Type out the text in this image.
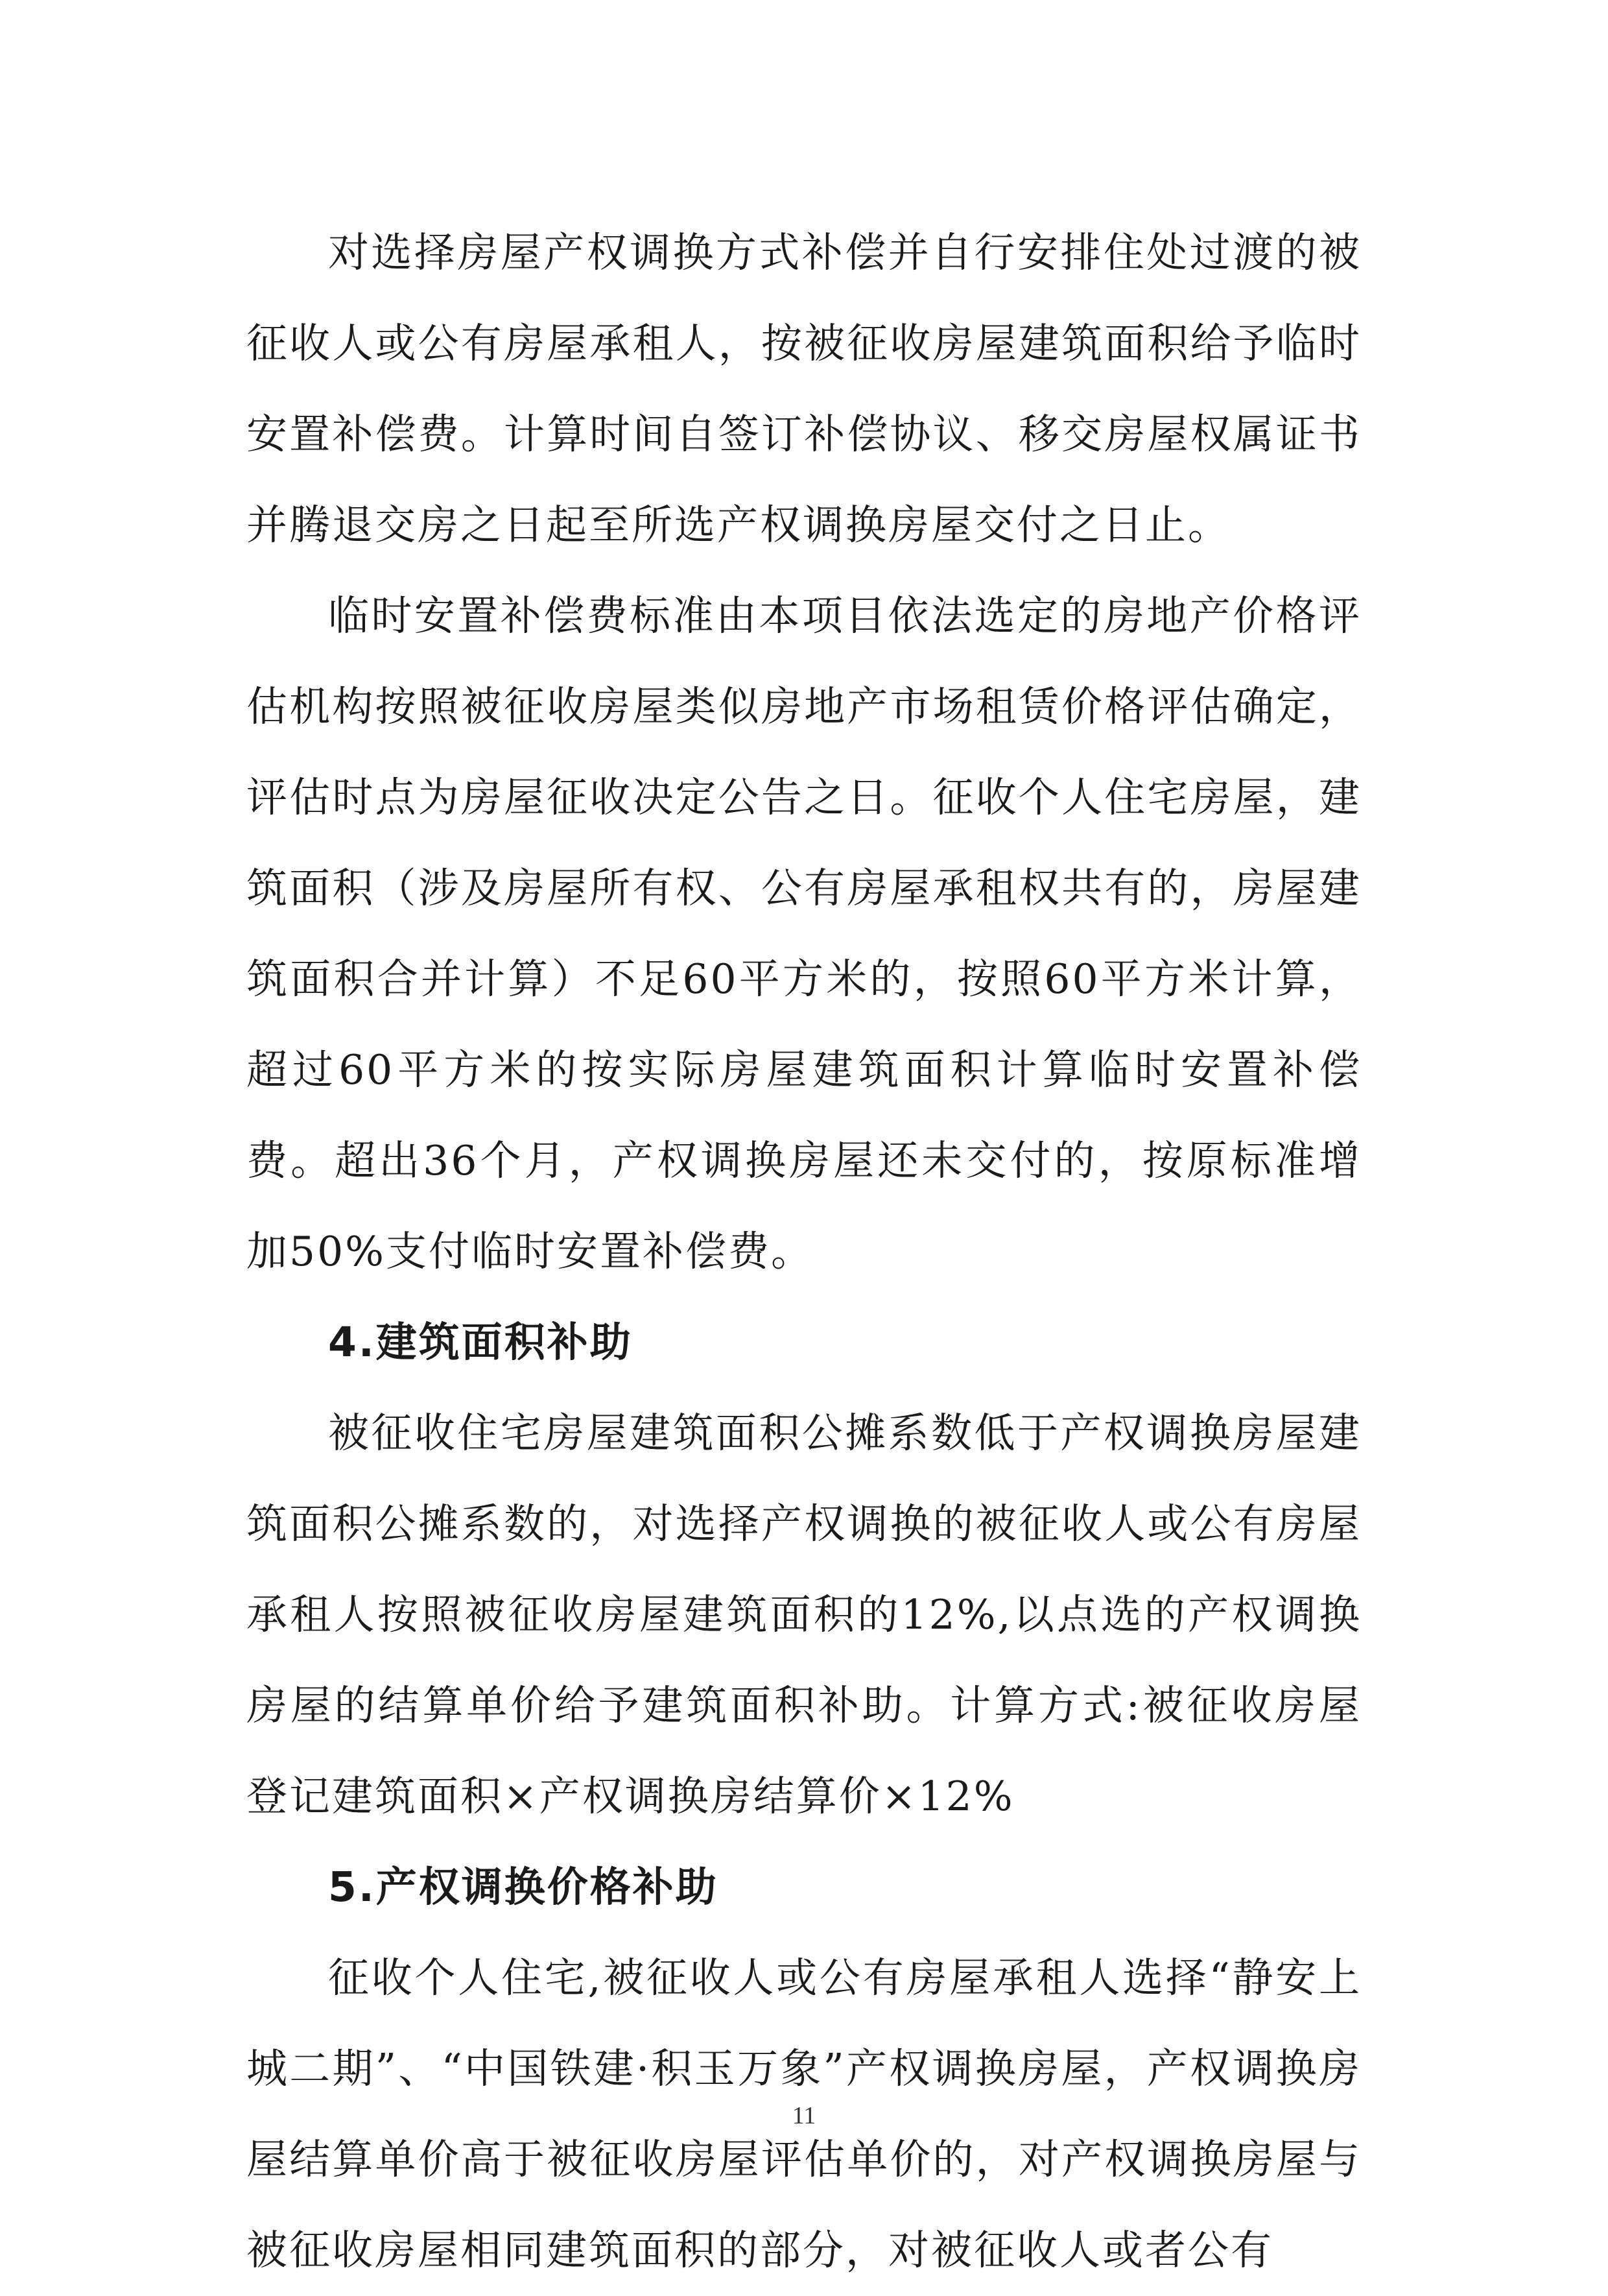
对选择房屋产权调换方式补偿并自行安排住处过渡的被征收人或公有房屋承租人，按被征收房屋建筑面积给予临时安置补偿费。计算时间自签订补偿协议、移交房屋权属证书并腾退交房之日起至所选产权调换房屋交付之日止。

临时安置补偿费标准由本项目依法选定的房地产价格评估机构按照被征收房屋类似房地产市场租赁价格评估确定，评估时点为房屋征收决定公告之日。征收个人住宅房屋，建筑面积（涉及房屋所有权、公有房屋承租权共有的，房屋建筑面积合并计算）不足60平方米的，按照60平方米计算，超过60平方米的按实际房屋建筑面积计算临时安置补偿费。超出36个月，产权调换房屋还未交付的，按原标准增加50%支付临时安置补偿费。

4.建筑面积补助

被征收住宅房屋建筑面积公摊系数低于产权调换房屋建筑面积公摊系数的，对选择产权调换的被征收人或公有房屋承租人按照被征收房屋建筑面积的12%,以点选的产权调换房屋的结算单价给予建筑面积补助。计算方式:被征收房屋登记建筑面积×产权调换房结算价×12%

5.产权调换价格补助

征收个人住宅,被征收人或公有房屋承租人选择“静安上城二期”、“中国铁建·积玉万象”产权调换房屋，产权调换房屋结算单价高于被征收房屋评估单价的，对产权调换房屋与被征收房屋相同建筑面积的部分，对被征收人或者公有

11
